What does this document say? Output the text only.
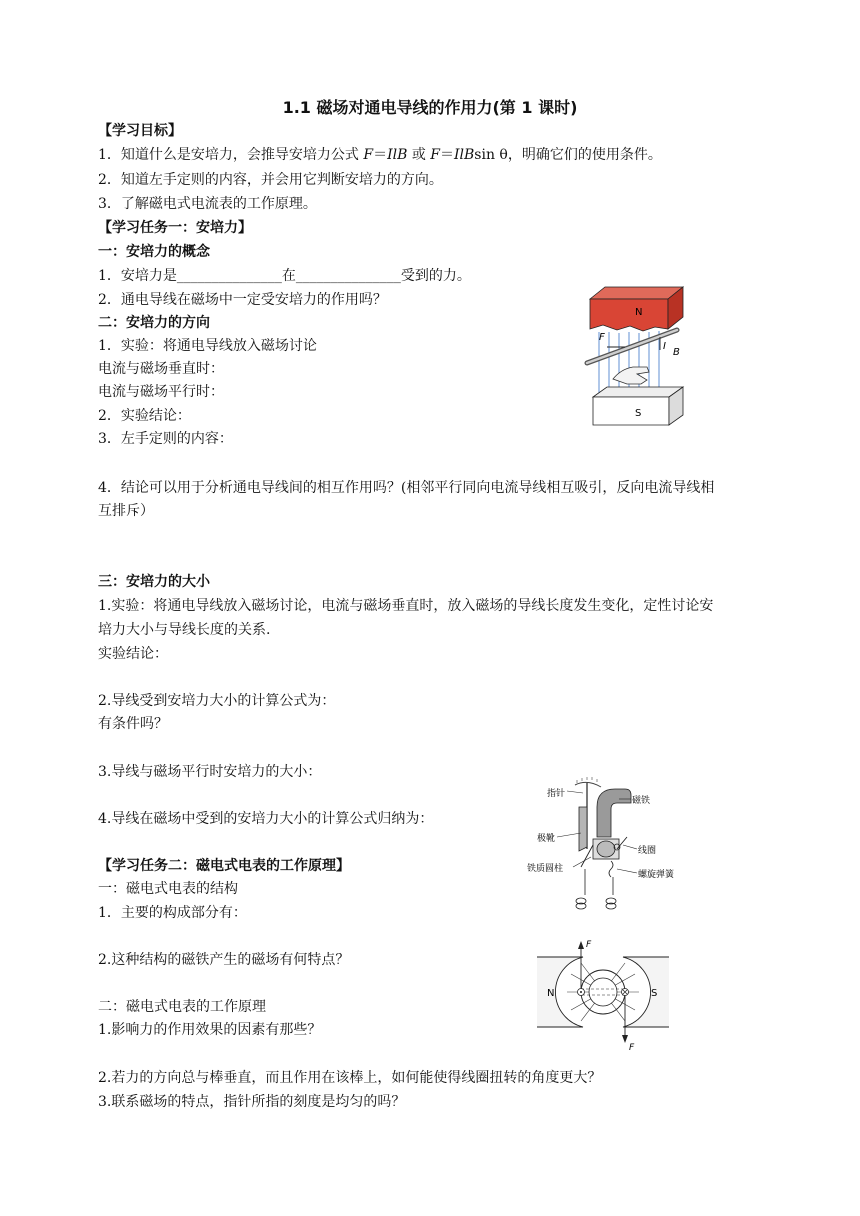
1.1 磁场对通电导线的作用力(第 1 课时)
【学习目标】
1．知道什么是安培力，会推导安培力公式 F＝IlB 或 F＝IlBsin θ，明确它们的使用条件。
2．知道左手定则的内容，并会用它判断安培力的方向。
3．了解磁电式电流表的工作原理。
【学习任务一：安培力】
一：安培力的概念
1．安培力是_______________在_______________受到的力。
2．通电导线在磁场中一定受安培力的作用吗？
二：安培力的方向
1．实验：将通电导线放入磁场讨论
电流与磁场垂直时：
电流与磁场平行时：
2．实验结论：
3．左手定则的内容：
4．结论可以用于分析通电导线间的相互作用吗？(相邻平行同向电流导线相互吸引，反向电流导线相
互排斥）
三：安培力的大小
1.实验：将通电导线放入磁场讨论，电流与磁场垂直时，放入磁场的导线长度发生变化，定性讨论安
培力大小与导线长度的关系.
实验结论：
2.导线受到安培力大小的计算公式为：
有条件吗？
3.导线与磁场平行时安培力的大小：
4.导线在磁场中受到的安培力大小的计算公式归纳为：
【学习任务二：磁电式电表的工作原理】
一：磁电式电表的结构
1．主要的构成部分有：
2.这种结构的磁铁产生的磁场有何特点？
二：磁电式电表的工作原理
1.影响力的作用效果的因素有那些？
2.若力的方向总与棒垂直，而且作用在该棒上，如何能使得线圈扭转的角度更大？
3.联系磁场的特点，指针所指的刻度是均匀的吗？
N
S
F
I
B
指针
磁铁
极靴
线圈
铁质圆柱
螺旋弹簧
N	S
F
F
